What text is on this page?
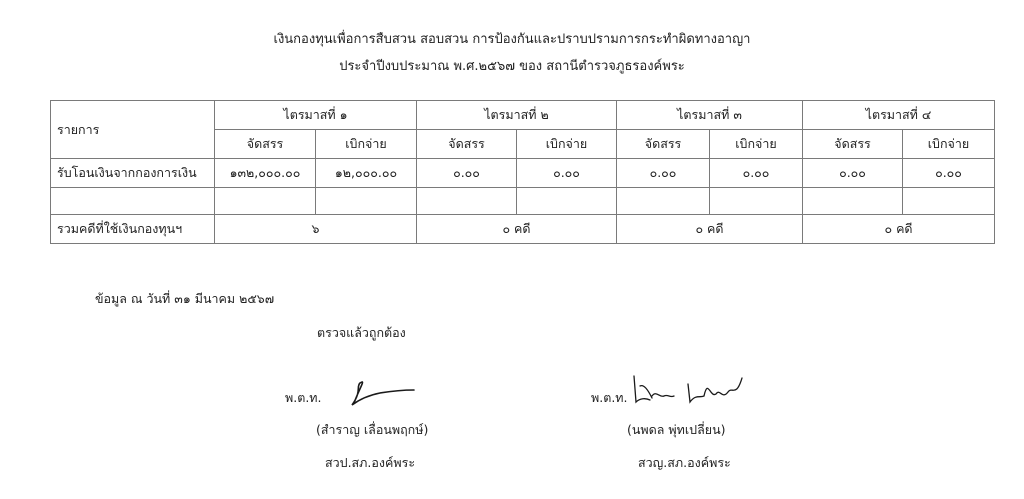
เงินกองทุนเพื่อการสืบสวน สอบสวน การป้องกันและปราบปรามการกระทำผิดทางอาญา
ประจำปีงบประมาณ พ.ศ.๒๕๖๗ ของ สถานีตำรวจภูธรองค์พระ
รายการ	ไตรมาสที่ ๑		ไตรมาสที่ ๒		ไตรมาสที่ ๓		ไตรมาสที่ ๔	
	จัดสรร	เบิกจ่าย	จัดสรร	เบิกจ่าย	จัดสรร	เบิกจ่าย	จัดสรร	เบิกจ่าย
รับโอนเงินจากกองการเงิน	๑๓๒,๐๐๐.๐๐	๑๒,๐๐๐.๐๐	๐.๐๐	๐.๐๐	๐.๐๐	๐.๐๐	๐.๐๐	๐.๐๐

รวมคดีที่ใช้เงินกองทุนฯ	๖		๐ คดี		๐ คดี		๐ คดี	
ข้อมูล ณ วันที่ ๓๑ มีนาคม ๒๕๖๗
ตรวจแล้วถูกต้อง
พ.ต.ท.
(สำราญ เลื่อนพฤกษ์)
สวป.สภ.องค์พระ
พ.ต.ท.
(นพดล พุ่ทเปลี่ยน)
สวญ.สภ.องค์พระ
